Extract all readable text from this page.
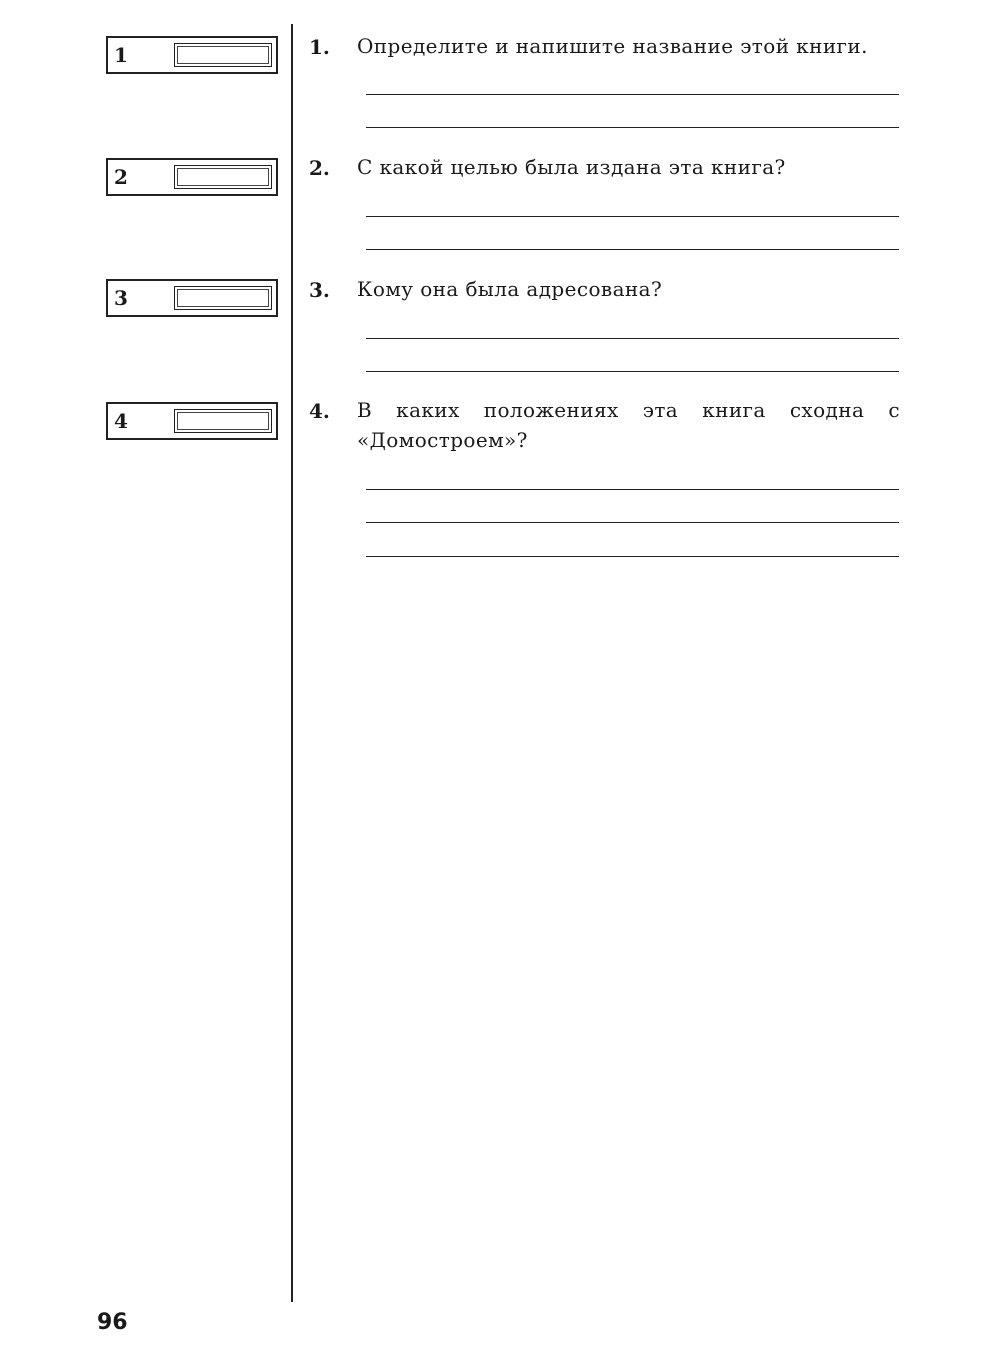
1
2
3
4
1. Определите и напишите название этой книги.
2. С какой целью была издана эта книга?
3. Кому она была адресована?
4. В каких положениях эта книга сходна с «Домостроем»?
96
